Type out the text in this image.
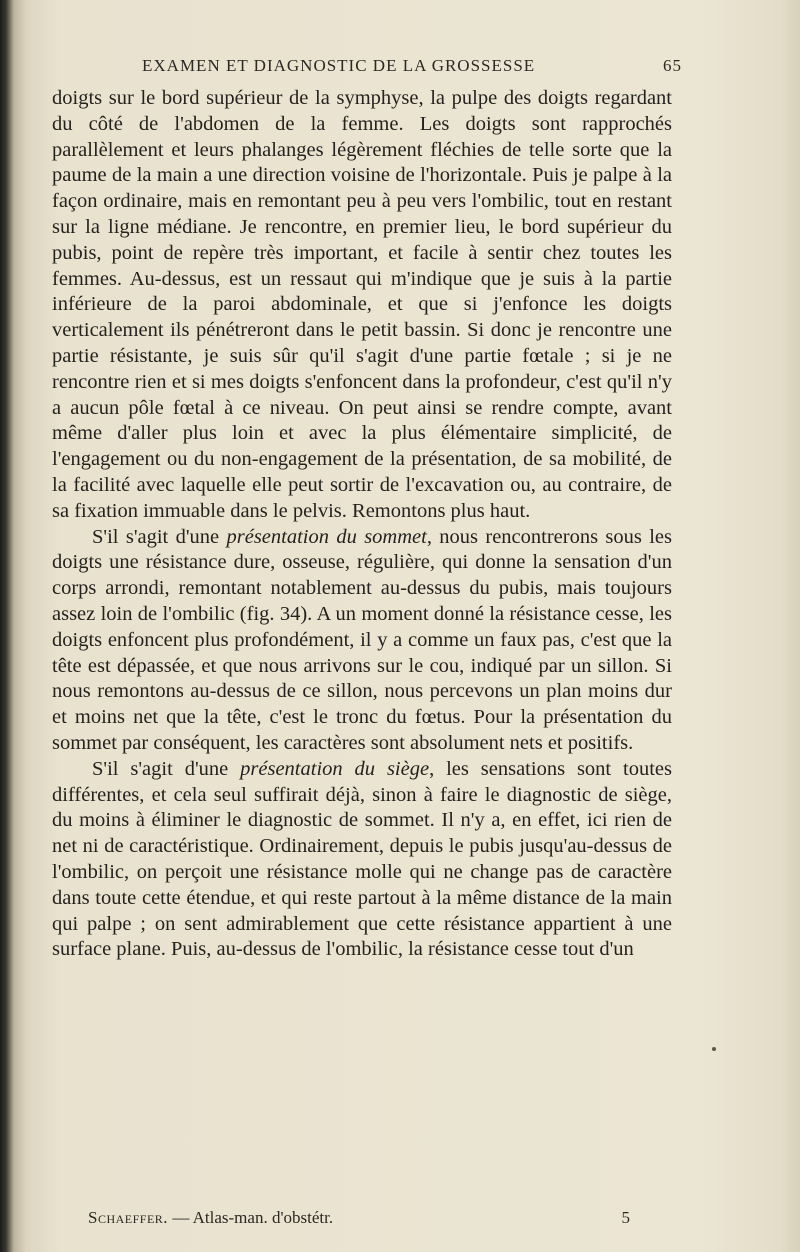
EXAMEN ET DIAGNOSTIC DE LA GROSSESSE	65

doigts sur le bord supérieur de la symphyse, la pulpe des doigts regardant du côté de l'abdomen de la femme. Les doigts sont rapprochés parallèlement et leurs phalanges légèrement fléchies de telle sorte que la paume de la main a une direction voisine de l'horizontale. Puis je palpe à la façon ordinaire, mais en remontant peu à peu vers l'ombilic, tout en restant sur la ligne médiane. Je rencontre, en premier lieu, le bord supérieur du pubis, point de repère très important, et facile à sentir chez toutes les femmes. Au-dessus, est un ressaut qui m'indique que je suis à la partie inférieure de la paroi abdominale, et que si j'enfonce les doigts verticalement ils pénétreront dans le petit bassin. Si donc je rencontre une partie résistante, je suis sûr qu'il s'agit d'une partie fœtale ; si je ne rencontre rien et si mes doigts s'enfoncent dans la profondeur, c'est qu'il n'y a aucun pôle fœtal à ce niveau. On peut ainsi se rendre compte, avant même d'aller plus loin et avec la plus élémentaire simplicité, de l'engagement ou du non-engagement de la présentation, de sa mobilité, de la facilité avec laquelle elle peut sortir de l'excavation ou, au contraire, de sa fixation immuable dans le pelvis. Remontons plus haut.

S'il s'agit d'une présentation du sommet, nous rencontrerons sous les doigts une résistance dure, osseuse, régulière, qui donne la sensation d'un corps arrondi, remontant notablement au-dessus du pubis, mais toujours assez loin de l'ombilic (fig. 34). A un moment donné la résistance cesse, les doigts enfoncent plus profondément, il y a comme un faux pas, c'est que la tête est dépassée, et que nous arrivons sur le cou, indiqué par un sillon. Si nous remontons au-dessus de ce sillon, nous percevons un plan moins dur et moins net que la tête, c'est le tronc du fœtus. Pour la présentation du sommet par conséquent, les caractères sont absolument nets et positifs.

S'il s'agit d'une présentation du siège, les sensations sont toutes différentes, et cela seul suffirait déjà, sinon à faire le diagnostic de siège, du moins à éliminer le diagnostic de sommet. Il n'y a, en effet, ici rien de net ni de caractéristique. Ordinairement, depuis le pubis jusqu'au-dessus de l'ombilic, on perçoit une résistance molle qui ne change pas de caractère dans toute cette étendue, et qui reste partout à la même distance de la main qui palpe ; on sent admirablement que cette résistance appartient à une surface plane. Puis, au-dessus de l'ombilic, la résistance cesse tout d'un

Schaeffer. — Atlas-man. d'obstétr.	5
